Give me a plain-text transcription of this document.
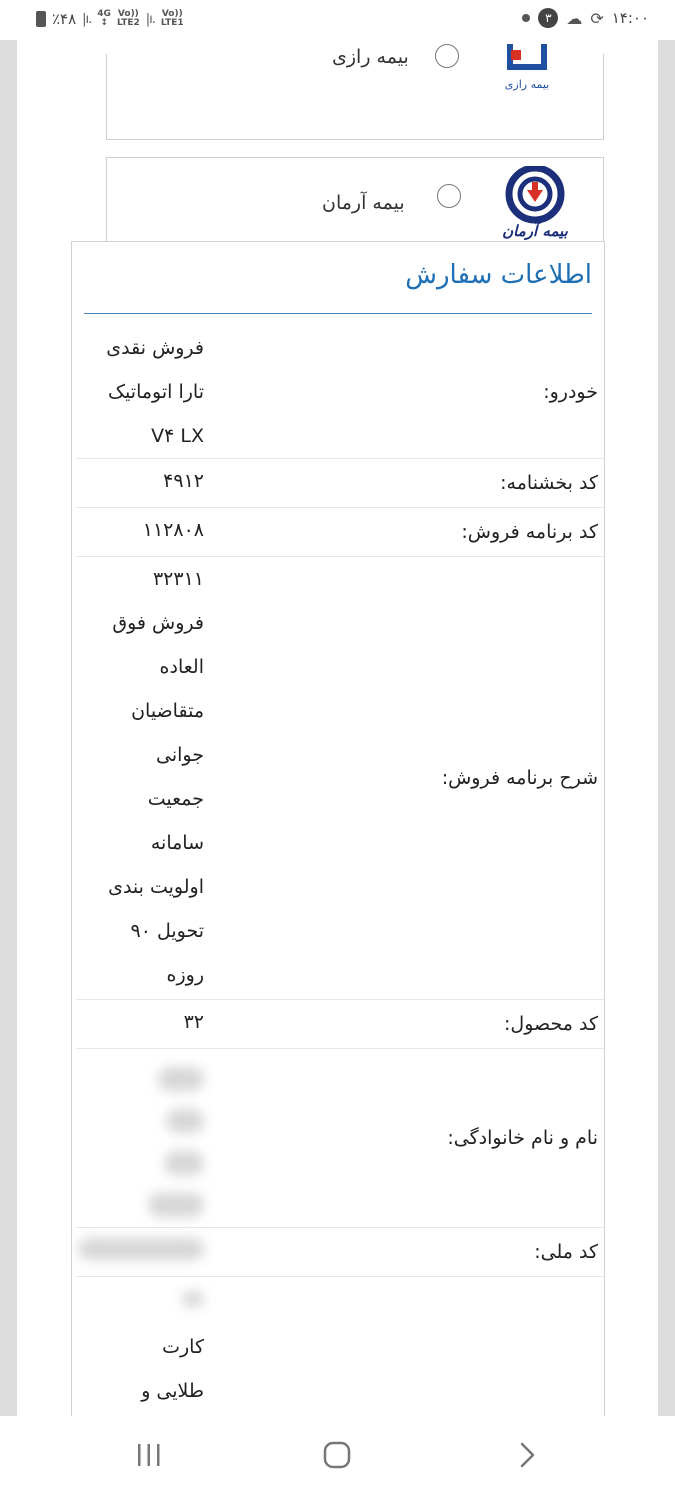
٪۴۸ |ı. 4G
↕
Vo))
LTE2 |ı. Vo))
LTE1	۳ ☁ ⟳ ۱۴:۰۰
بیمه رازی
بیمه رازی
بیمه آرمان
بیمه آرمان
اطلاعات سفارش
خودرو:
فروش نقدی
تارا اتوماتیک
V۴ LX
کد بخشنامه:
۴۹۱۲
کد برنامه فروش:
۱۱۲۸۰۸
شرح برنامه فروش:
۳۲۳۱۱
فروش فوق
العاده
متقاضیان
جوانی
جمعیت
سامانه
اولویت بندی
تحویل ۹۰
روزه
کد محصول:
۳۲
نام و نام خانوادگی:
کد ملی:
کارت
طلایی و
